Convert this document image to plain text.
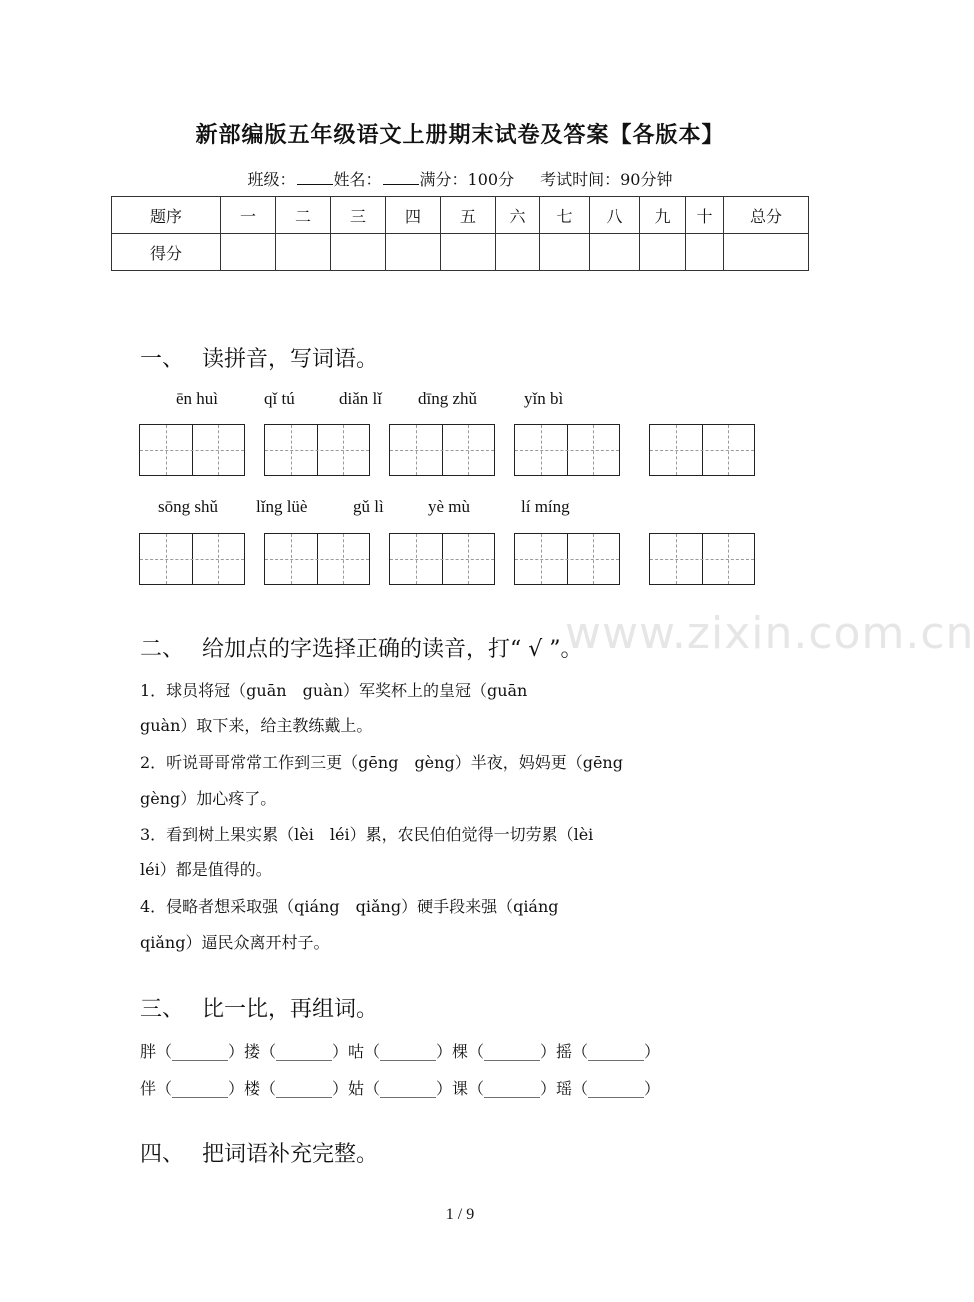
新部编版五年级语文上册期末试卷及答案【各版本】
班级： 姓名： 满分：100分 考试时间：90分钟
题序	一	二	三	四	五	六	七	八	九	十	总分
得分											
一、 读拼音，写词语。
ēn huì	qǐ tú	diǎn lǐ dīng zhǔ	yǐn bì
sōng shǔ lǐng lüè	gǔ lì	yè mù	lí míng
www.zixin.com.cn
二、 给加点的字选择正确的读音，打“ √ ”。
1．球员将冠（guān　guàn）军奖杯上的皇冠（guān
guàn）取下来，给主教练戴上。
2．听说哥哥常常工作到三更（gēng　gèng）半夜，妈妈更（gēng
gèng）加心疼了。
3．看到树上果实累（lèi　léi）累，农民伯伯觉得一切劳累（lèi
léi）都是值得的。
4．侵略者想采取强（qiáng　qiǎng）硬手段来强（qiáng
qiǎng）逼民众离开村子。
三、 比一比，再组词。
胖（_______）搂（_______）咕（_______）棵（_______）摇（_______）
伴（_______）楼（_______）姑（_______）课（_______）瑶（_______）
四、 把词语补充完整。
1 / 9
